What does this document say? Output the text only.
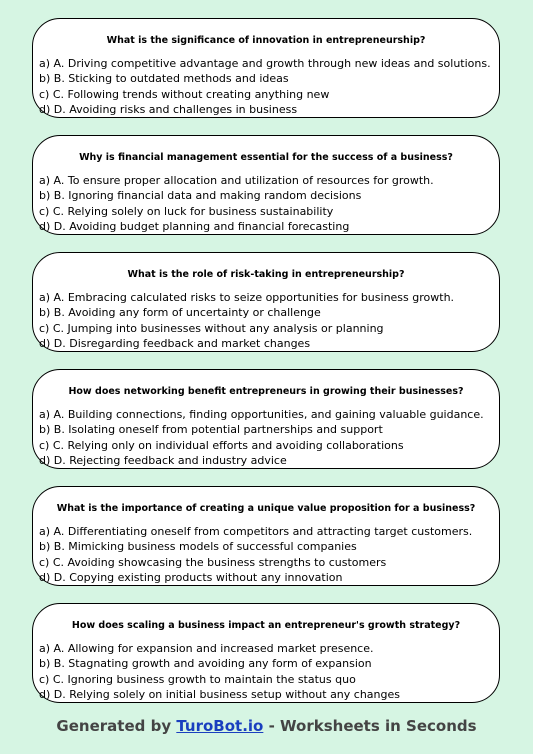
What is the significance of innovation in entrepreneurship?
a) A. Driving competitive advantage and growth through new ideas and solutions.
b) B. Sticking to outdated methods and ideas
c) C. Following trends without creating anything new
d) D. Avoiding risks and challenges in business
Why is financial management essential for the success of a business?
a) A. To ensure proper allocation and utilization of resources for growth.
b) B. Ignoring financial data and making random decisions
c) C. Relying solely on luck for business sustainability
d) D. Avoiding budget planning and financial forecasting
What is the role of risk-taking in entrepreneurship?
a) A. Embracing calculated risks to seize opportunities for business growth.
b) B. Avoiding any form of uncertainty or challenge
c) C. Jumping into businesses without any analysis or planning
d) D. Disregarding feedback and market changes
How does networking benefit entrepreneurs in growing their businesses?
a) A. Building connections, finding opportunities, and gaining valuable guidance.
b) B. Isolating oneself from potential partnerships and support
c) C. Relying only on individual efforts and avoiding collaborations
d) D. Rejecting feedback and industry advice
What is the importance of creating a unique value proposition for a business?
a) A. Differentiating oneself from competitors and attracting target customers.
b) B. Mimicking business models of successful companies
c) C. Avoiding showcasing the business strengths to customers
d) D. Copying existing products without any innovation
How does scaling a business impact an entrepreneur's growth strategy?
a) A. Allowing for expansion and increased market presence.
b) B. Stagnating growth and avoiding any form of expansion
c) C. Ignoring business growth to maintain the status quo
d) D. Relying solely on initial business setup without any changes
Generated by TuroBot.io - Worksheets in Seconds
